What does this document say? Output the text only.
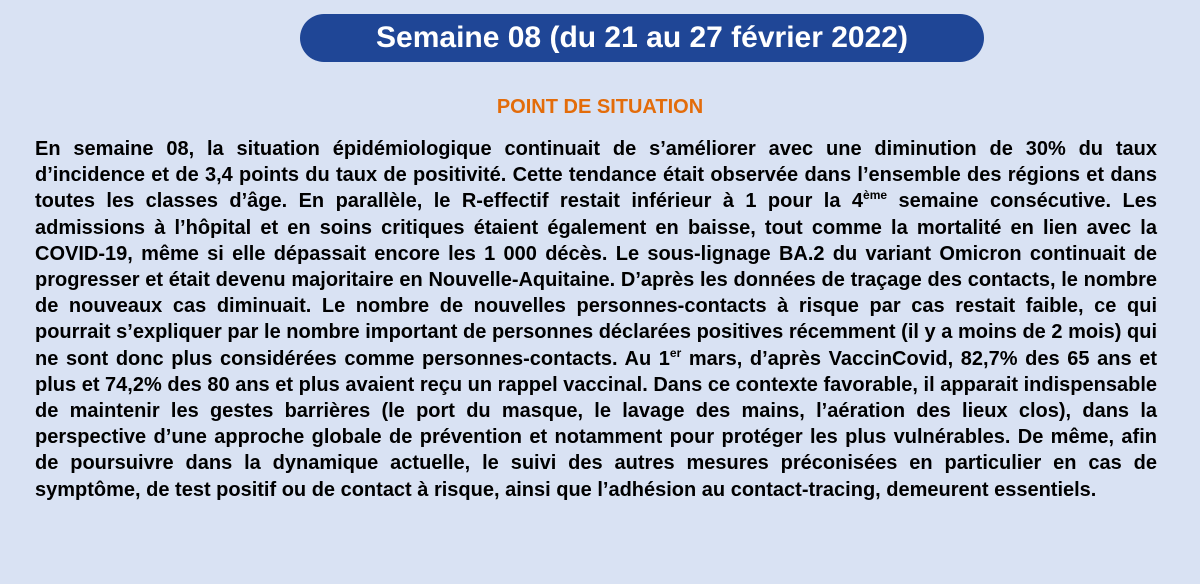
Semaine 08 (du 21 au 27 février 2022)
POINT DE SITUATION

En semaine 08, la situation épidémiologique continuait de s’améliorer avec une diminution de 30% du taux d’incidence et de 3,4 points du taux de positivité. Cette tendance était observée dans l’ensemble des régions et dans toutes les classes d’âge. En parallèle, le R-effectif restait inférieur à 1 pour la 4ème semaine consécutive. Les admissions à l’hôpital et en soins critiques étaient également en baisse, tout comme la mortalité en lien avec la COVID-19, même si elle dépassait encore les 1 000 décès. Le sous-lignage BA.2 du variant Omicron continuait de progresser et était devenu majoritaire en Nouvelle-Aquitaine. D’après les données de traçage des contacts, le nombre de nouveaux cas diminuait. Le nombre de nouvelles personnes-contacts à risque par cas restait faible, ce qui pourrait s’expliquer par le nombre important de personnes déclarées positives récemment (il y a moins de 2 mois) qui ne sont donc plus considérées comme personnes-contacts. Au 1er mars, d’après VaccinCovid, 82,7% des 65 ans et plus et 74,2% des 80 ans et plus avaient reçu un rappel vaccinal. Dans ce contexte favorable, il apparait indispensable de maintenir les gestes barrières (le port du masque, le lavage des mains, l’aération des lieux clos), dans la perspective d’une approche globale de prévention et notamment pour protéger les plus vulnérables. De même, afin de poursuivre dans la dynamique actuelle, le suivi des autres mesures préconisées en particulier en cas de symptôme, de test positif ou de contact à risque, ainsi que l’adhésion au contact-tracing, demeurent essentiels.
